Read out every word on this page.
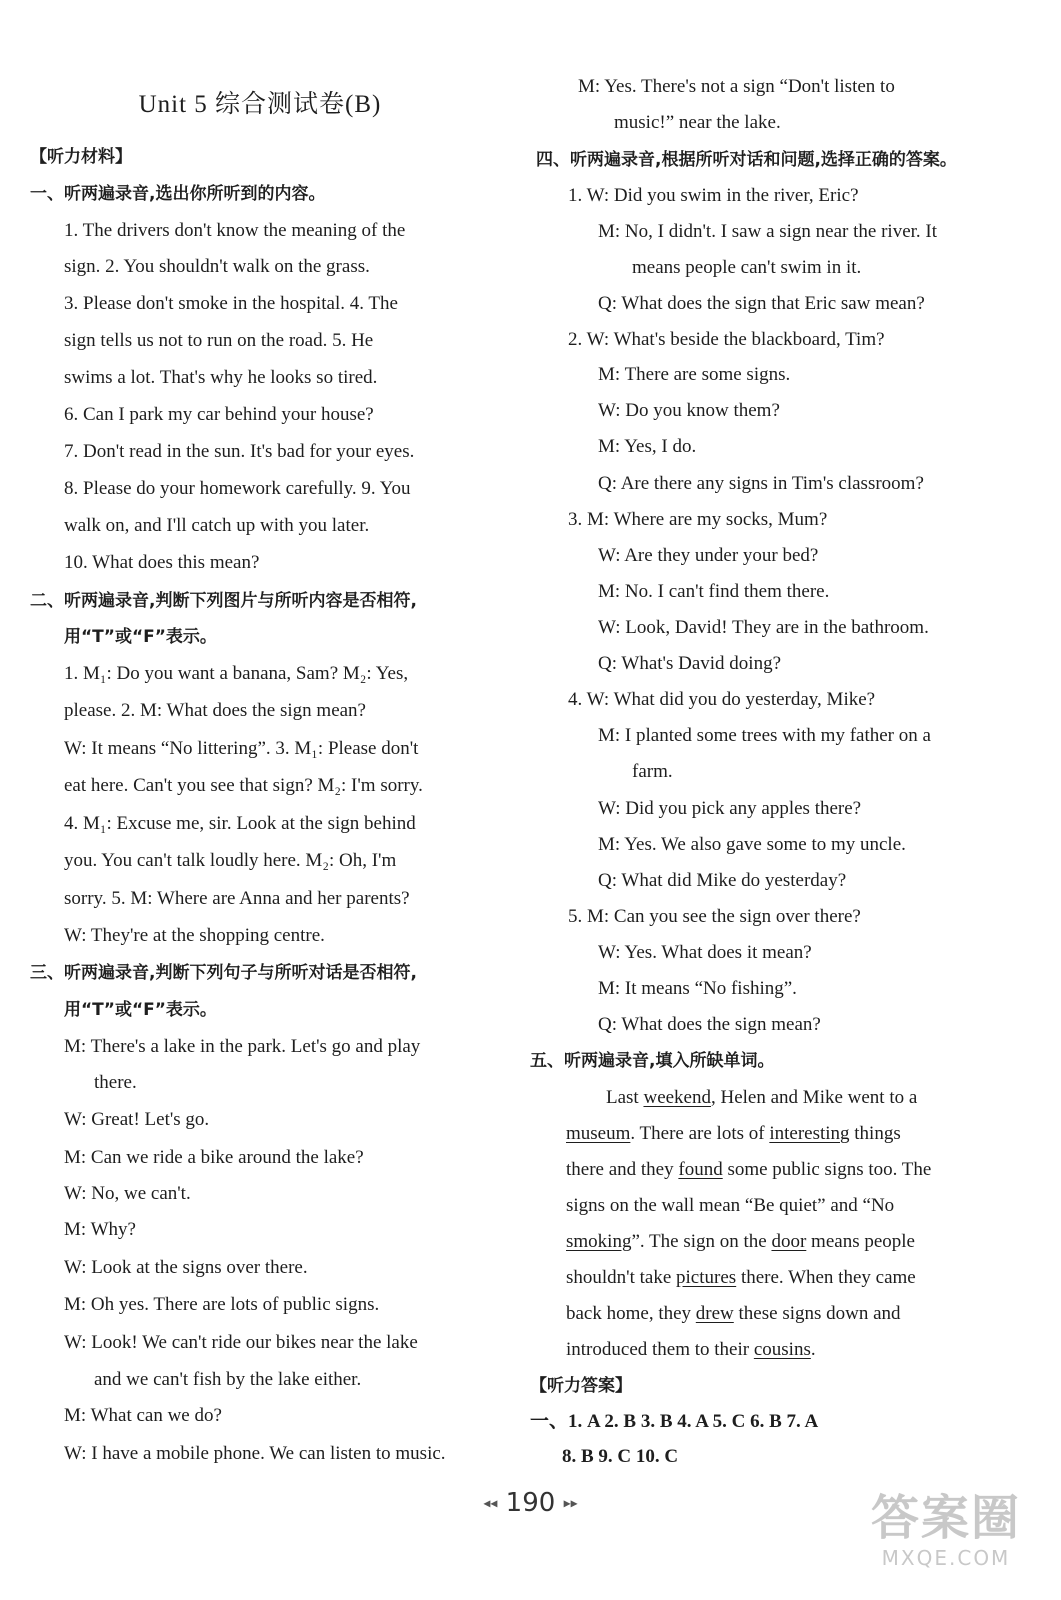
Unit 5 综合测试卷(B)
【听力材料】
一、听两遍录音,选出你所听到的内容。
1. The drivers don't know the meaning of the
sign. 2. You shouldn't walk on the grass.
3. Please don't smoke in the hospital. 4. The
sign tells us not to run on the road. 5. He
swims a lot. That's why he looks so tired.
6. Can I park my car behind your house?
7. Don't read in the sun. It's bad for your eyes.
8. Please do your homework carefully. 9. You
walk on, and I'll catch up with you later.
10. What does this mean?
二、听两遍录音,判断下列图片与所听内容是否相符,
用“T”或“F”表示。
1. M₁: Do you want a banana, Sam? M₂: Yes,
please. 2. M: What does the sign mean?
W: It means “No littering”. 3. M₁: Please don't
eat here. Can't you see that sign? M₂: I'm sorry.
4. M₁: Excuse me, sir. Look at the sign behind
you. You can't talk loudly here. M₂: Oh, I'm
sorry. 5. M: Where are Anna and her parents?
W: They're at the shopping centre.
三、听两遍录音,判断下列句子与所听对话是否相符,
用“T”或“F”表示。
M: There's a lake in the park. Let's go and play
there.
W: Great! Let's go.
M: Can we ride a bike around the lake?
W: No, we can't.
M: Why?
W: Look at the signs over there.
M: Oh yes. There are lots of public signs.
W: Look! We can't ride our bikes near the lake
and we can't fish by the lake either.
M: What can we do?
W: I have a mobile phone. We can listen to music.
M: Yes. There's not a sign “Don't listen to
music!” near the lake.
四、听两遍录音,根据所听对话和问题,选择正确的答案。
1. W: Did you swim in the river, Eric?
M: No, I didn't. I saw a sign near the river. It
means people can't swim in it.
Q: What does the sign that Eric saw mean?
2. W: What's beside the blackboard, Tim?
M: There are some signs.
W: Do you know them?
M: Yes, I do.
Q: Are there any signs in Tim's classroom?
3. M: Where are my socks, Mum?
W: Are they under your bed?
M: No. I can't find them there.
W: Look, David! They are in the bathroom.
Q: What's David doing?
4. W: What did you do yesterday, Mike?
M: I planted some trees with my father on a
farm.
W: Did you pick any apples there?
M: Yes. We also gave some to my uncle.
Q: What did Mike do yesterday?
5. M: Can you see the sign over there?
W: Yes. What does it mean?
M: It means “No fishing”.
Q: What does the sign mean?
五、听两遍录音,填入所缺单词。
Last weekend, Helen and Mike went to a
museum. There are lots of interesting things
there and they found some public signs too. The
signs on the wall mean “Be quiet” and “No
smoking”. The sign on the door means people
shouldn't take pictures there. When they came
back home, they drew these signs down and
introduced them to their cousins.
【听力答案】
一、1. A 2. B 3. B 4. A 5. C 6. B 7. A
8. B 9. C 10. C
◂◂ 190 ▸▸	答案圈
MXQE.COM
